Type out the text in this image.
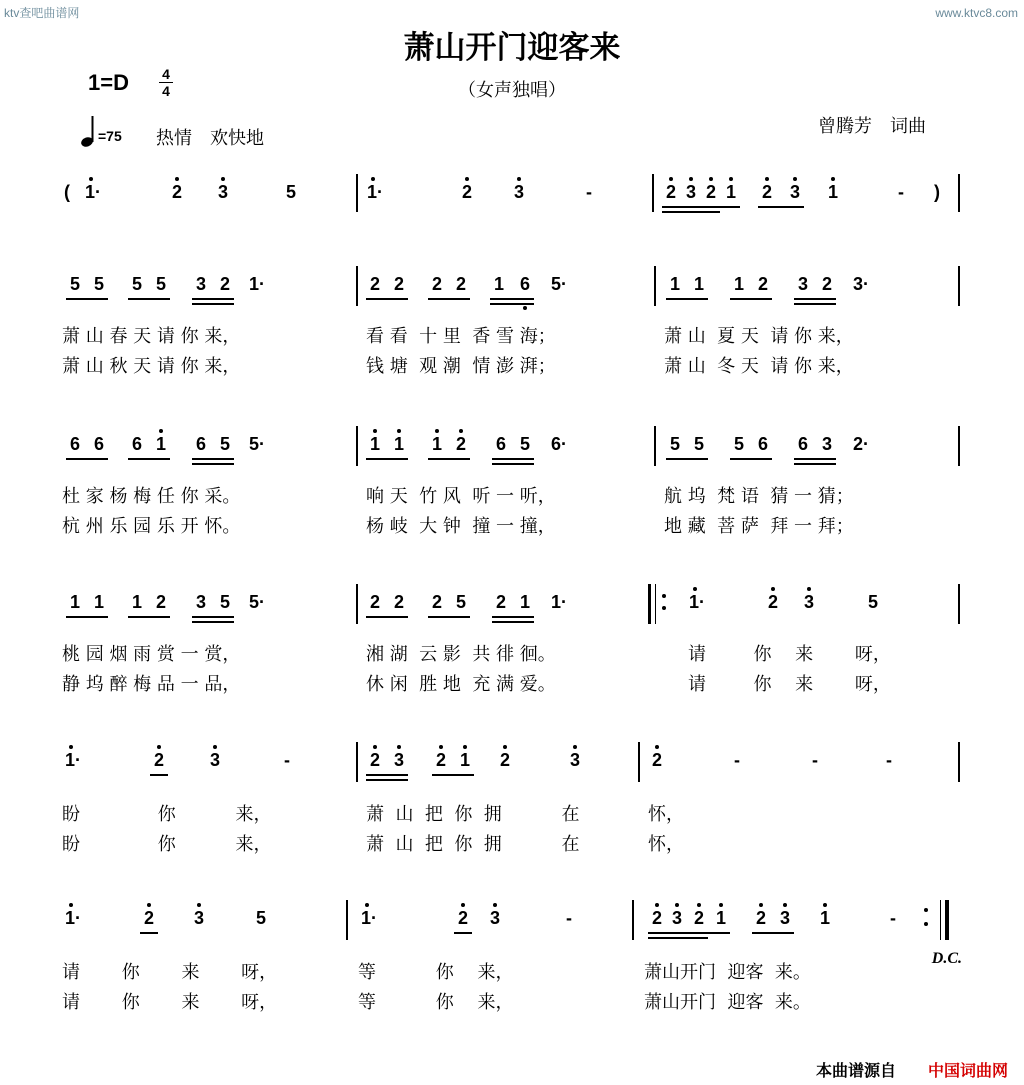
ktv查吧曲谱网	www.ktvc8.com
萧山开门迎客来
（女声独唱）
1=D	4
4
=75 热情　欢快地
曾腾芳　词曲
( 1·	2 3	5	1·	2 3	-	2 3 2 1 2 3 1	-	)
5 5 5 5 3 2 1·	2 2 2 2 1 6 5·	1 1 1 2 3 2 3·
萧 山 春 天 请 你 来，	看 看  十 里  香 雪 海；	萧 山  夏 天  请 你 来，
萧 山 秋 天 请 你 来，	钱 塘  观 潮  情 澎 湃；	萧 山  冬 天  请 你 来，
6 6 6 1 6 5 5·	1 1 1 2 6 5 6·	5 5 5 6 6 3 2·
杜 家 杨 梅 任 你 采。	响 天  竹 风  听 一 听，	航 坞  梵 语  猜 一 猜；
杭 州 乐 园 乐 开 怀。	杨 岐  大 钟  撞 一 撞，	地 藏  菩 萨  拜 一 拜；
1 1 1 2 3 5 5·	2 2 2 5 2 1 1·	1·	2 3	5
桃 园 烟 雨 赏 一 赏，	湘 湖  云 影  共 徘 徊。	请　　  你　 来　　 呀，
静 坞 醉 梅 品 一 品，	休 闲  胜 地  充 满 爱。	请　　  你　 来　　 呀，
1·	2	3	-	2 3 2 1 2	3	2	-	-	-
盼　　　　 你　　　 来，	萧  山  把  你  拥　　　 在	怀，
盼　　　　 你　　　 来，	萧  山  把  你  拥　　　 在	怀，
1·	2 3	5	1·	2 3	-	2 3 2 1 2 3 1	-
请　　 你　　 来　　 呀，	等　　　 你　 来，	萧山开门  迎客  来。
请　　 你　　 来　　 呀，	等　　　 你　 来，	萧山开门  迎客  来。
D.C.
本曲谱源自 中国词曲网
